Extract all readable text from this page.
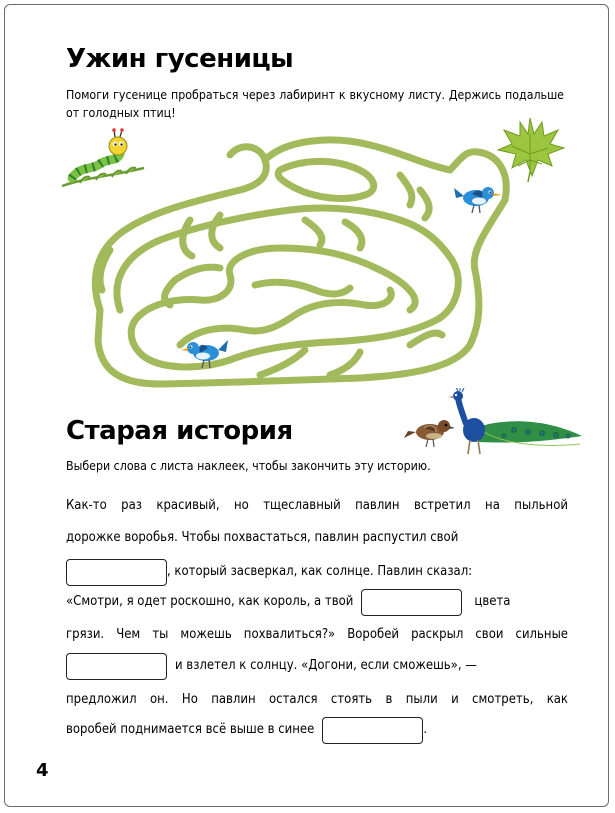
Ужин гусеницы

Помоги гусенице пробраться через лабиринт к вкусному листу. Держись подальше от голодных птиц!

Старая история

Выбери слова с листа наклеек, чтобы закончить эту историю.

Как-то раз красивый, но тщеславный павлин встретил на пыльной
дорожке воробья. Чтобы похвастаться, павлин распустил свой
, который засверкал, как солнце. Павлин сказал:
«Смотри, я одет роскошно, как король, а твой	цвета
грязи. Чем ты можешь похвалиться?» Воробей раскрыл свои сильные
и взлетел к солнцу. «Догони, если сможешь», —
предложил он. Но павлин остался стоять в пыли и смотреть, как
воробей поднимается всё выше в синее	.
4
